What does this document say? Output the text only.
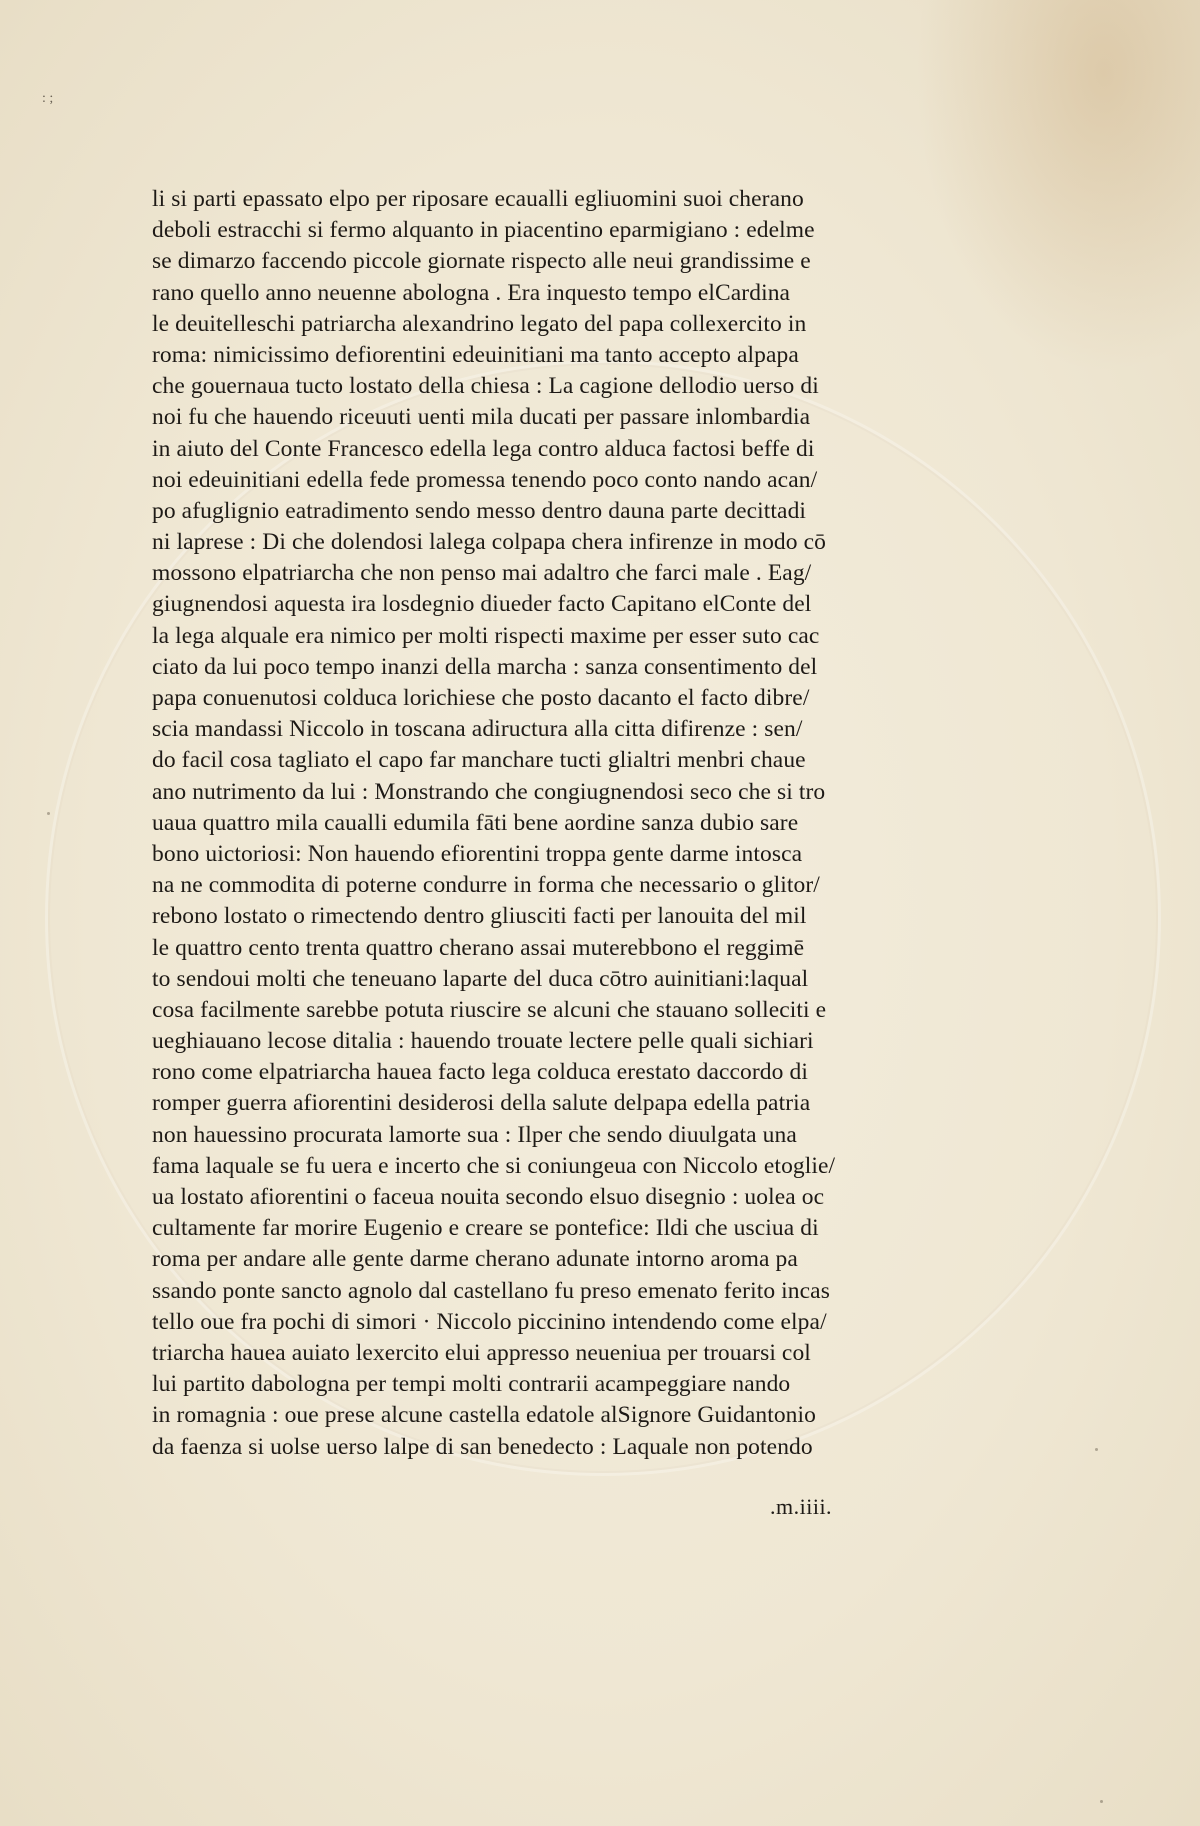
: ;
li si parti epassato elpo per riposare ecaualli egliuomini suoi cherano
deboli estracchi si fermo alquanto in piacentino eparmigiano : edelme
se dimarzo faccendo piccole giornate rispecto alle neui grandissime e
rano quello anno neuenne abologna . Era inquesto tempo elCardina
le deuitelleschi patriarcha alexandrino legato del papa collexercito in
roma: nimicissimo defiorentini edeuinitiani ma tanto accepto alpapa
che gouernaua tucto lostato della chiesa : La cagione dellodio uerso di
noi fu che hauendo riceuuti uenti mila ducati per passare inlombardia
in aiuto del Conte Francesco edella lega contro alduca factosi beffe di
noi edeuinitiani edella fede promessa tenendo poco conto nando acan/
po afuglignio eatradimento sendo messo dentro dauna parte decittadi
ni laprese : Di che dolendosi lalega colpapa chera infirenze in modo cō
mossono elpatriarcha che non penso mai adaltro che farci male . Eag/
giugnendosi aquesta ira losdegnio diueder facto Capitano elConte del
la lega alquale era nimico per molti rispecti maxime per esser suto cac
ciato da lui poco tempo inanzi della marcha : sanza consentimento del
papa conuenutosi colduca lorichiese che posto dacanto el facto dibre/
scia mandassi Niccolo in toscana adiructura alla citta difirenze : sen/
do facil cosa tagliato el capo far manchare tucti glialtri menbri chaue
ano nutrimento da lui : Monstrando che congiugnendosi seco che si tro
uaua quattro mila caualli edumila fāti bene aordine sanza dubio sare
bono uictoriosi: Non hauendo efiorentini troppa gente darme intosca
na ne commodita di poterne condurre in forma che necessario o glitor/
rebono lostato o rimectendo dentro gliusciti facti per lanouita del mil
le quattro cento trenta quattro cherano assai muterebbono el reggimē
to sendoui molti che teneuano laparte del duca cōtro auinitiani:laqual
cosa facilmente sarebbe potuta riuscire se alcuni che stauano solleciti e
ueghiauano lecose ditalia : hauendo trouate lectere pelle quali sichiari
rono come elpatriarcha hauea facto lega colduca erestato daccordo di
romper guerra afiorentini desiderosi della salute delpapa edella patria
non hauessino procurata lamorte sua : Ilper che sendo diuulgata una
fama laquale se fu uera e incerto che si coniungeua con Niccolo etoglie/
ua lostato afiorentini o faceua nouita secondo elsuo disegnio : uolea oc
cultamente far morire Eugenio e creare se pontefice: Ildi che usciua di
roma per andare alle gente darme cherano adunate intorno aroma pa
ssando ponte sancto agnolo dal castellano fu preso emenato ferito incas
tello oue fra pochi di simori · Niccolo piccinino intendendo come elpa/
triarcha hauea auiato lexercito elui appresso neueniua per trouarsi col
lui partito dabologna per tempi molti contrarii acampeggiare nando
in romagnia : oue prese alcune castella edatole alSignore Guidantonio
da faenza si uolse uerso lalpe di san benedecto : Laquale non potendo
.m.iiii.
